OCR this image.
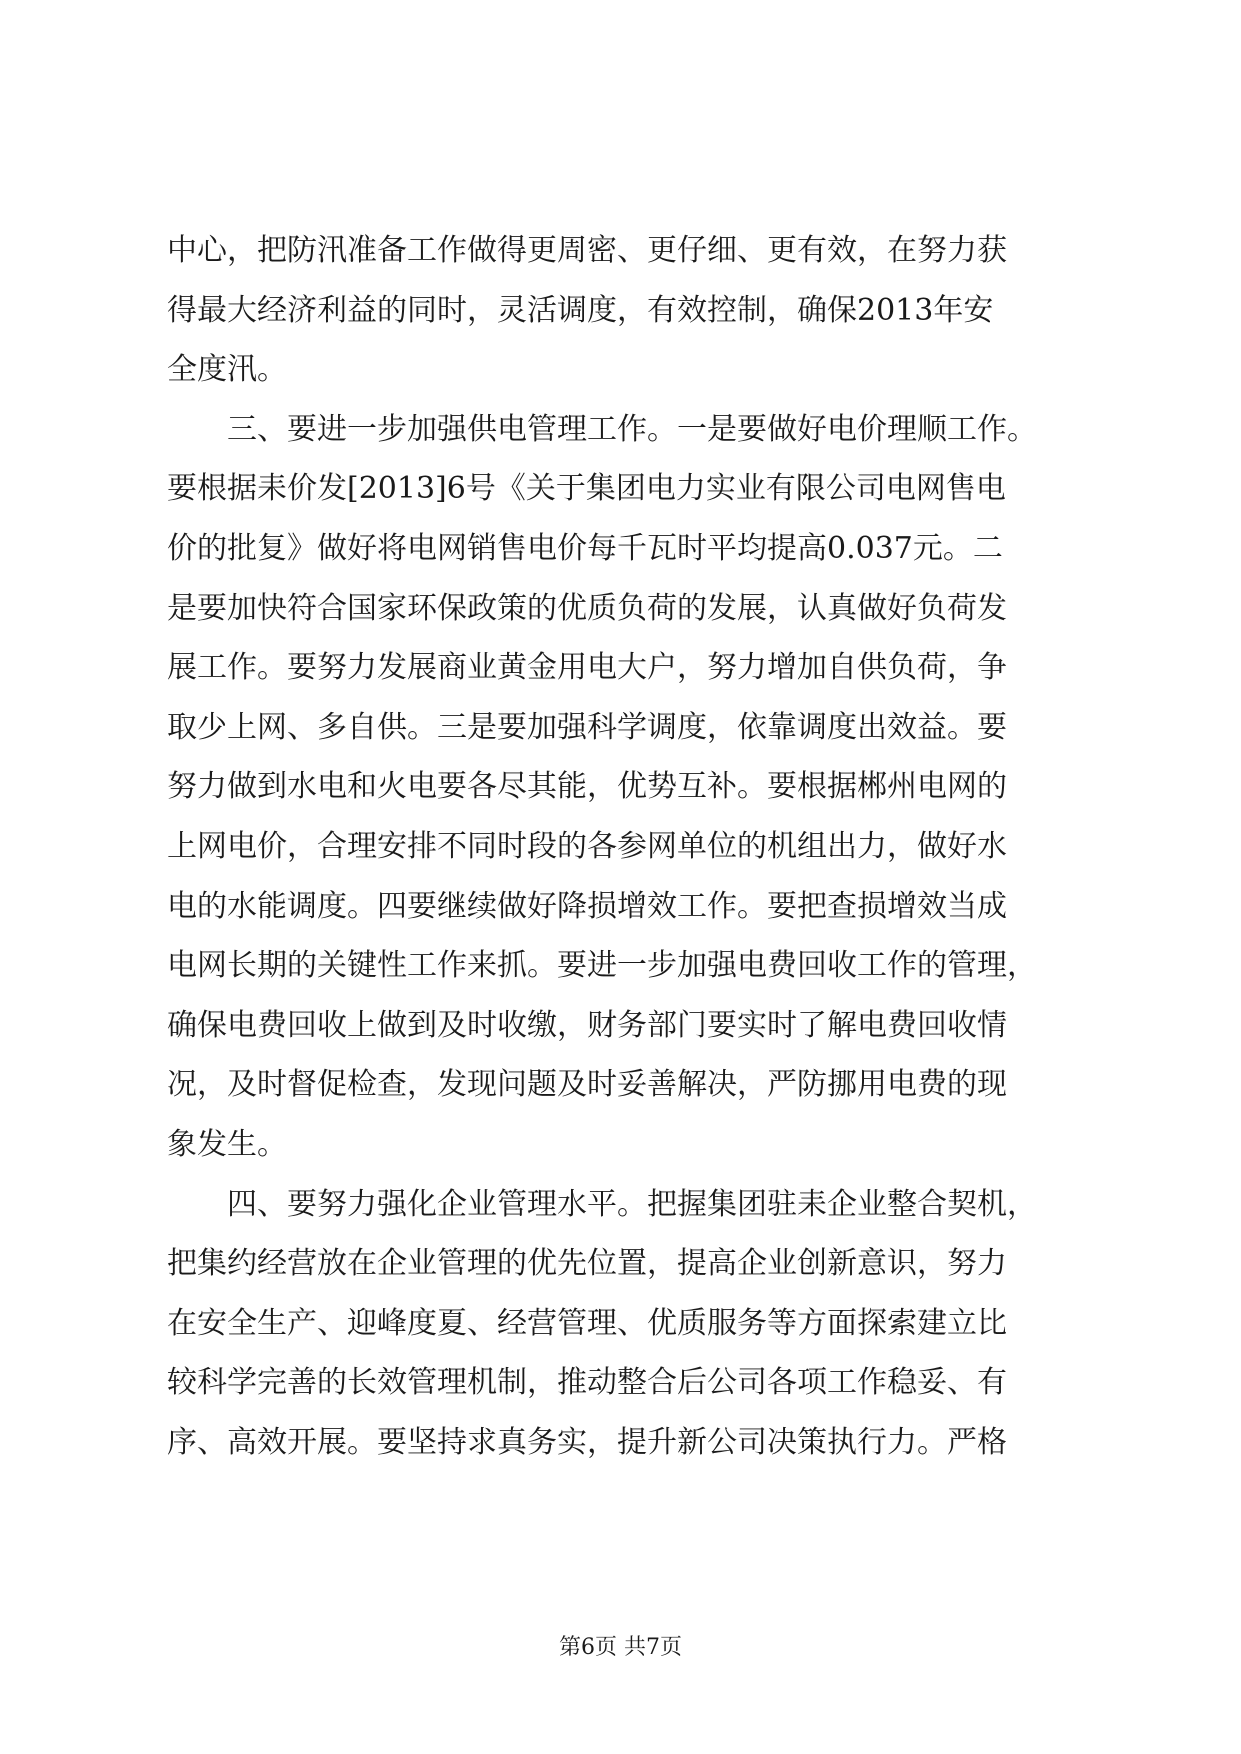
中心，把防汛准备工作做得更周密、更仔细、更有效，在努力获
得最大经济利益的同时，灵活调度，有效控制，确保2013年安
全度汛。
　　三、要进一步加强供电管理工作。一是要做好电价理顺工作。
要根据耒价发[2013]6号《关于集团电力实业有限公司电网售电
价的批复》做好将电网销售电价每千瓦时平均提高0.037元。二
是要加快符合国家环保政策的优质负荷的发展，认真做好负荷发
展工作。要努力发展商业黄金用电大户，努力增加自供负荷，争
取少上网、多自供。三是要加强科学调度，依靠调度出效益。要
努力做到水电和火电要各尽其能，优势互补。要根据郴州电网的
上网电价，合理安排不同时段的各参网单位的机组出力，做好水
电的水能调度。四要继续做好降损增效工作。要把查损增效当成
电网长期的关键性工作来抓。要进一步加强电费回收工作的管理，
确保电费回收上做到及时收缴，财务部门要实时了解电费回收情
况，及时督促检查，发现问题及时妥善解决，严防挪用电费的现
象发生。
　　四、要努力强化企业管理水平。把握集团驻耒企业整合契机，
把集约经营放在企业管理的优先位置，提高企业创新意识，努力
在安全生产、迎峰度夏、经营管理、优质服务等方面探索建立比
较科学完善的长效管理机制，推动整合后公司各项工作稳妥、有
序、高效开展。要坚持求真务实，提升新公司决策执行力。严格
第6页 共7页
